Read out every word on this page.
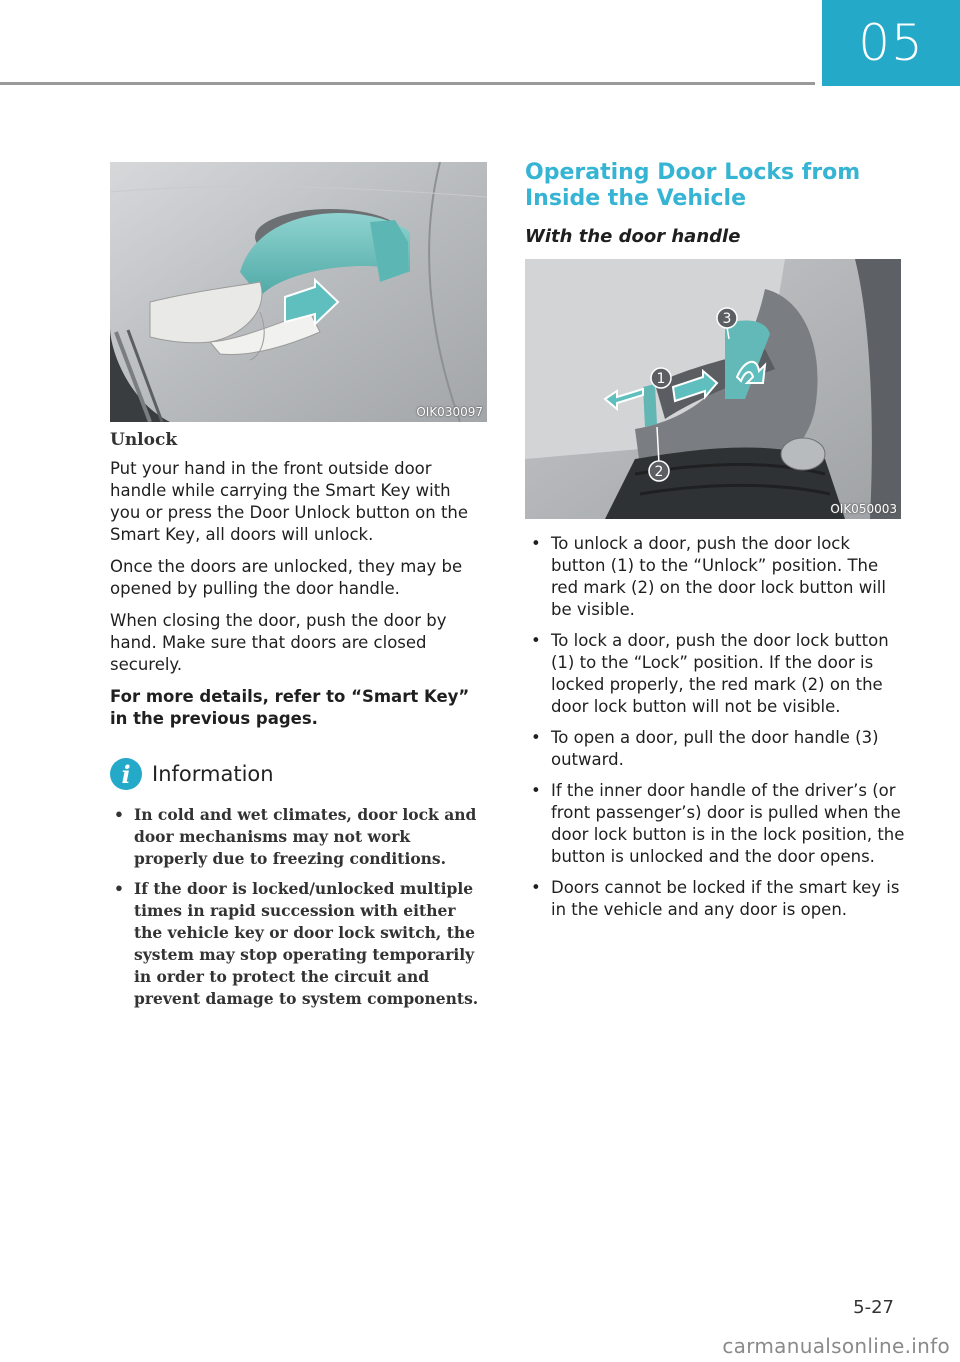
05
OIK030097
Unlock

Put your hand in the front outside door handle while carrying the Smart Key with you or press the Door Unlock button on the Smart Key, all doors will unlock.

Once the doors are unlocked, they may be opened by pulling the door handle.

When closing the door, push the door by hand. Make sure that doors are closed securely.

For more details, refer to “Smart Key” in the previous pages.

i	Information
• In cold and wet climates, door lock and door mechanisms may not work properly due to freezing conditions.
• If the door is locked/unlocked multiple times in rapid succession with either the vehicle key or door lock switch, the system may stop operating temporarily in order to protect the circuit and prevent damage to system components.
Operating Door Locks from Inside the Vehicle
With the door handle
1
2
3
OIK050003
• To unlock a door, push the door lock button (1) to the “Unlock” position. The red mark (2) on the door lock button will be visible.
• To lock a door, push the door lock button (1) to the “Lock” position. If the door is locked properly, the red mark (2) on the door lock button will not be visible.
• To open a door, pull the door handle (3) outward.
• If the inner door handle of the driver’s (or front passenger’s) door is pulled when the door lock button is in the lock position, the button is unlocked and the door opens.
• Doors cannot be locked if the smart key is in the vehicle and any door is open.
5-27
carmanualsonline.info
